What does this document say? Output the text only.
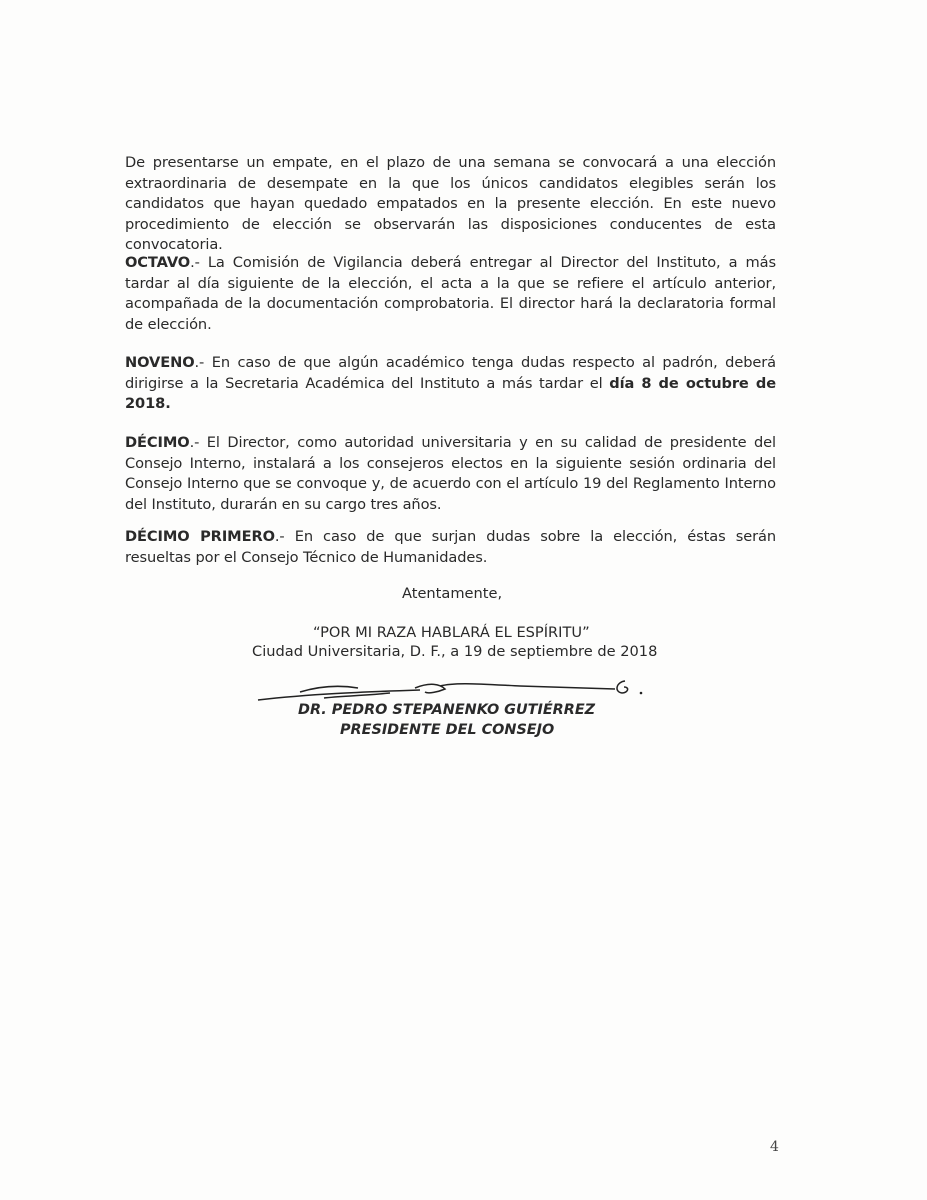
De presentarse un empate, en el plazo de una semana se convocará a una elección extraordinaria de desempate en la que los únicos candidatos elegibles serán los candidatos que hayan quedado empatados en la presente elección. En este nuevo procedimiento de elección se observarán las disposiciones conducentes de esta convocatoria.

OCTAVO.- La Comisión de Vigilancia deberá entregar al Director del Instituto, a más tardar al día siguiente de la elección, el acta a la que se refiere el artículo anterior, acompañada de la documentación comprobatoria. El director hará la declaratoria formal de elección.

NOVENO.- En caso de que algún académico tenga dudas respecto al padrón, deberá dirigirse a la Secretaria Académica del Instituto a más tardar el día 8 de octubre de 2018.

DÉCIMO.- El Director, como autoridad universitaria y en su calidad de presidente del Consejo Interno, instalará a los consejeros electos en la siguiente sesión ordinaria del Consejo Interno que se convoque y, de acuerdo con el artículo 19 del Reglamento Interno del Instituto, durarán en su cargo tres años.

DÉCIMO PRIMERO.- En caso de que surjan dudas sobre la elección, éstas serán resueltas por el Consejo Técnico de Humanidades.

Atentamente,
“POR MI RAZA HABLARÁ EL ESPÍRITU”
Ciudad Universitaria, D. F., a 19 de septiembre de 2018
DR. PEDRO STEPANENKO GUTIÉRREZ
PRESIDENTE DEL CONSEJO
4
